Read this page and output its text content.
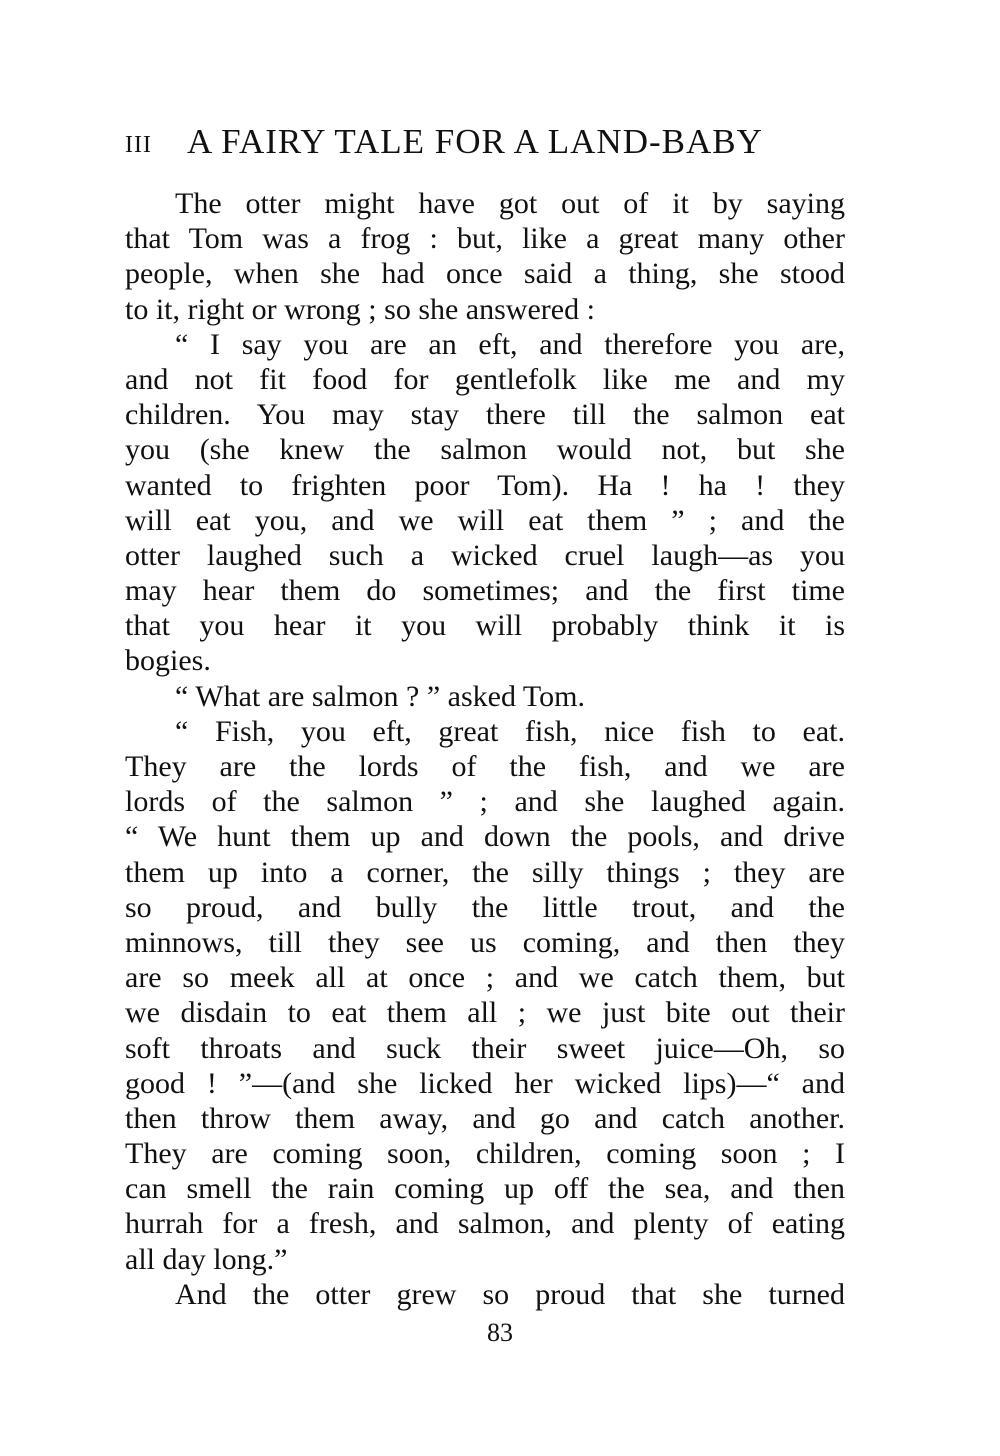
III A FAIRY TALE FOR A LAND-BABY
The otter might have got out of it by saying
that Tom was a frog : but, like a great many other
people, when she had once said a thing, she stood
to it, right or wrong ; so she answered :
“ I say you are an eft, and therefore you are,
and not fit food for gentlefolk like me and my
children. You may stay there till the salmon eat
you (she knew the salmon would not, but she
wanted to frighten poor Tom). Ha ! ha ! they
will eat you, and we will eat them ” ; and the
otter laughed such a wicked cruel laugh—as you
may hear them do sometimes; and the first time
that you hear it you will probably think it is
bogies.
“ What are salmon ? ” asked Tom.
“ Fish, you eft, great fish, nice fish to eat.
They are the lords of the fish, and we are
lords of the salmon ” ; and she laughed again.
“ We hunt them up and down the pools, and drive
them up into a corner, the silly things ; they are
so proud, and bully the little trout, and the
minnows, till they see us coming, and then they
are so meek all at once ; and we catch them, but
we disdain to eat them all ; we just bite out their
soft throats and suck their sweet juice—Oh, so
good ! ”—(and she licked her wicked lips)—“ and
then throw them away, and go and catch another.
They are coming soon, children, coming soon ; I
can smell the rain coming up off the sea, and then
hurrah for a fresh, and salmon, and plenty of eating
all day long.”
And the otter grew so proud that she turned
83
